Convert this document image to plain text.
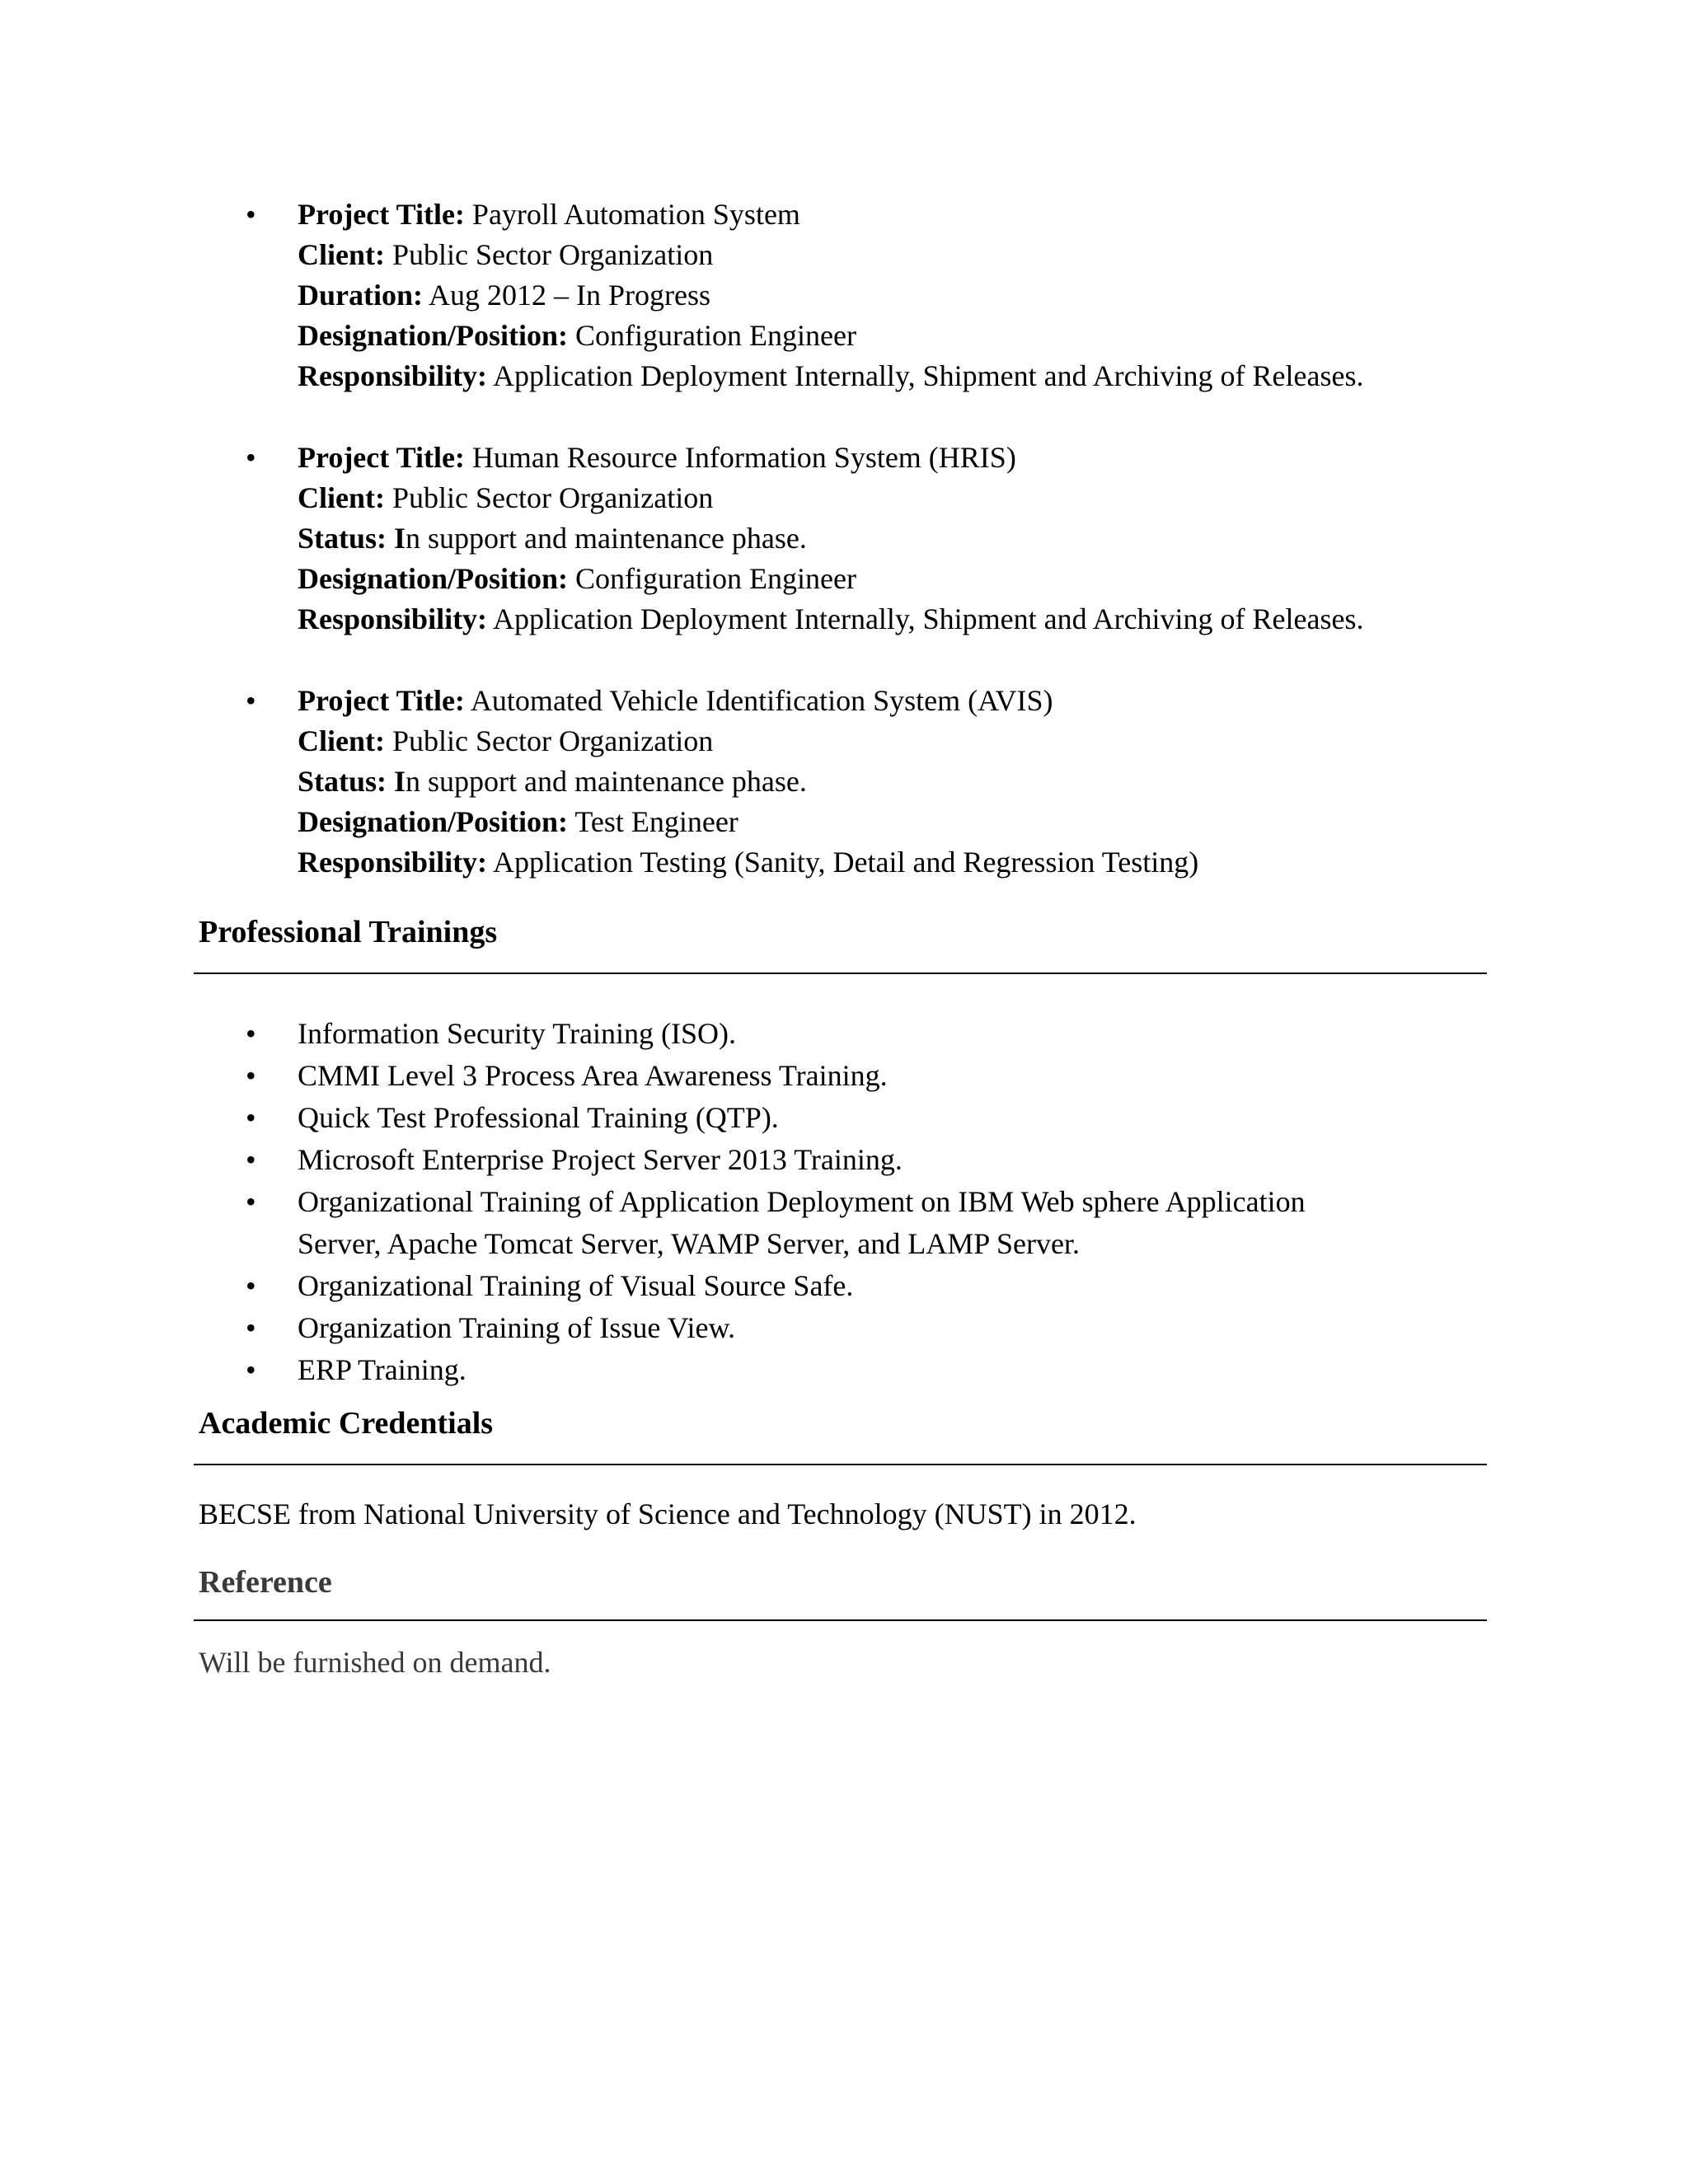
• Project Title: Payroll Automation System
Client: Public Sector Organization
Duration: Aug 2012 – In Progress
Designation/Position: Configuration Engineer
Responsibility: Application Deployment Internally, Shipment and Archiving of Releases.
• Project Title: Human Resource Information System (HRIS)
Client: Public Sector Organization
Status: In support and maintenance phase.
Designation/Position: Configuration Engineer
Responsibility: Application Deployment Internally, Shipment and Archiving of Releases.
• Project Title: Automated Vehicle Identification System (AVIS)
Client: Public Sector Organization
Status: In support and maintenance phase.
Designation/Position: Test Engineer
Responsibility: Application Testing (Sanity, Detail and Regression Testing)
Professional Trainings
• Information Security Training (ISO).
• CMMI Level 3 Process Area Awareness Training.
• Quick Test Professional Training (QTP).
• Microsoft Enterprise Project Server 2013 Training.
• Organizational Training of Application Deployment on IBM Web sphere Application Server, Apache Tomcat Server, WAMP Server, and LAMP Server.
• Organizational Training of Visual Source Safe.
• Organization Training of Issue View.
• ERP Training.
Academic Credentials
BECSE from National University of Science and Technology (NUST) in 2012.
Reference
Will be furnished on demand.
